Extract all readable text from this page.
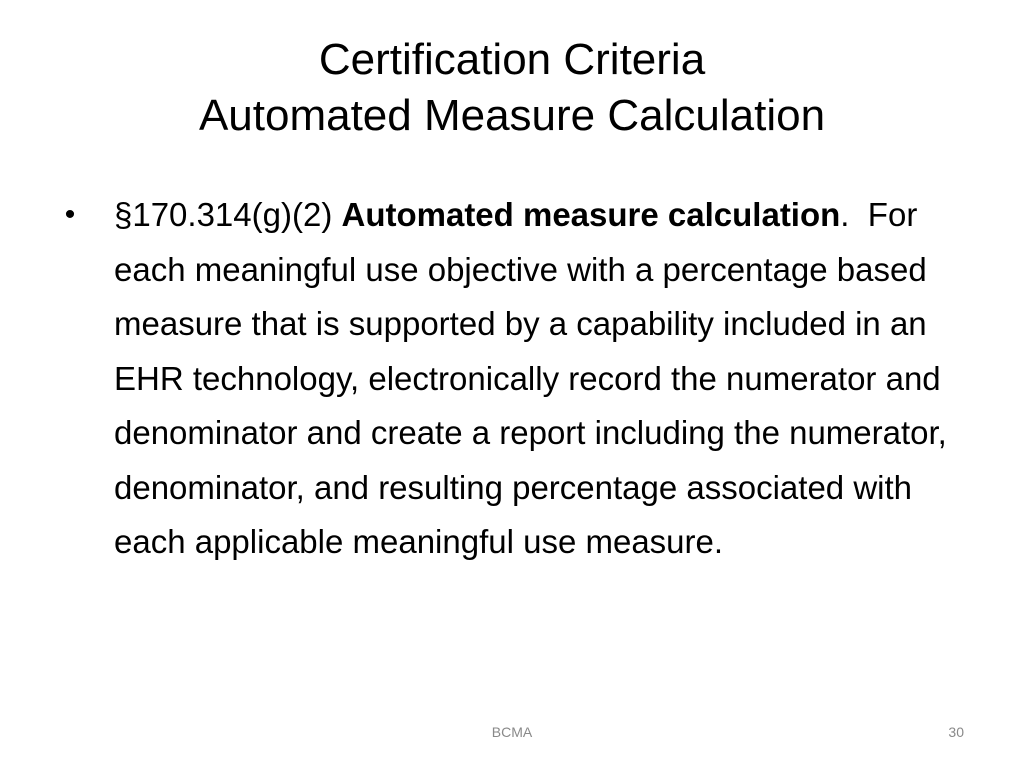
Certification Criteria
Automated Measure Calculation

• §170.314(g)(2) Automated measure calculation.  For each meaningful use objective with a percentage based measure that is supported by a capability included in an EHR technology, electronically record the numerator and denominator and create a report including the numerator, denominator, and resulting percentage associated with each applicable meaningful use measure.

BCMA	30
